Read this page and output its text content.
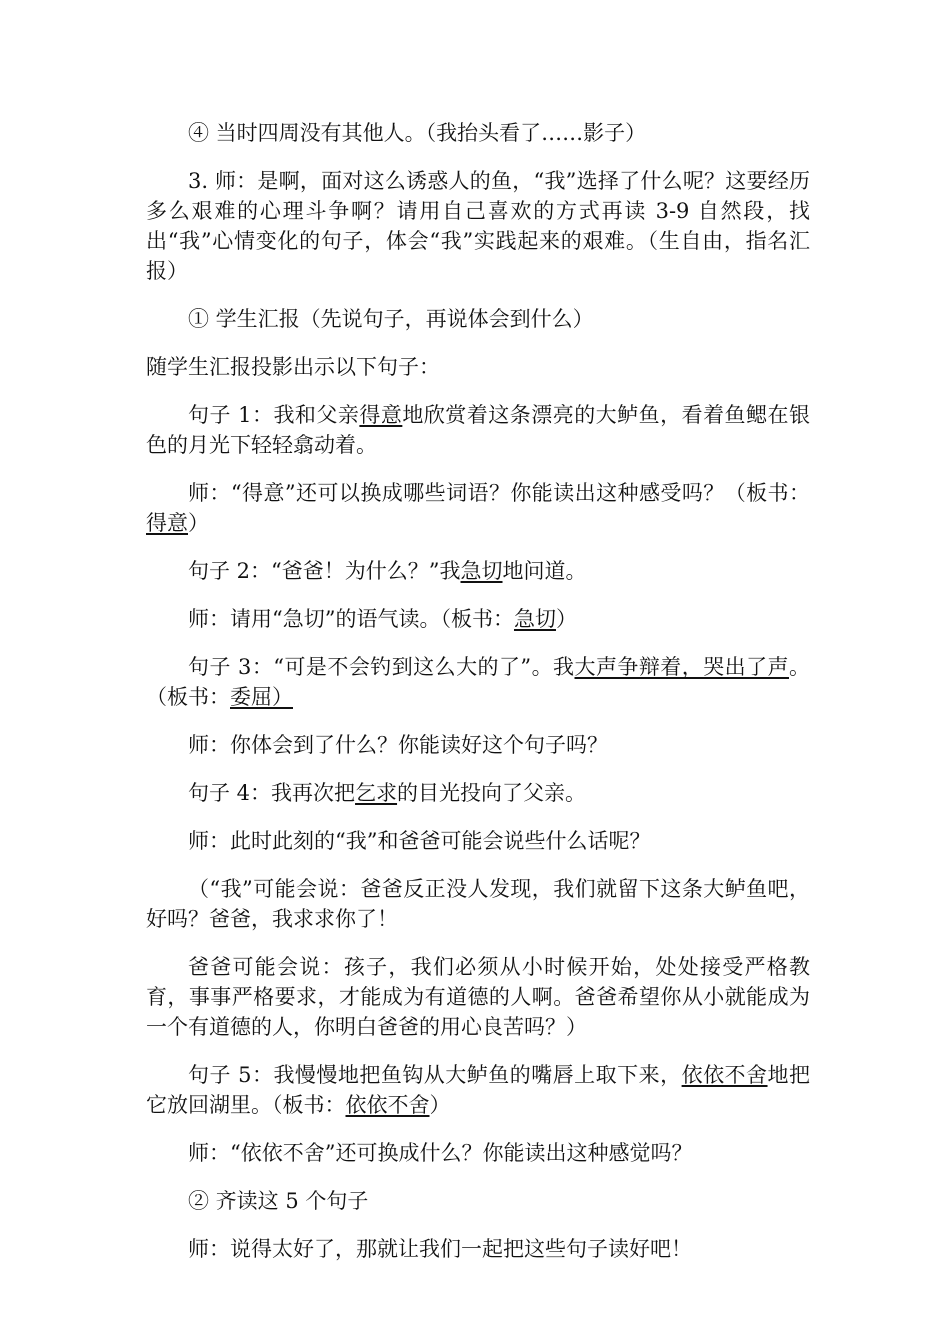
④ 当时四周没有其他人。（我抬头看了……影子）

3. 师：是啊，面对这么诱惑人的鱼，“我”选择了什么呢？这要经历多么艰难的心理斗争啊？请用自己喜欢的方式再读 3-9 自然段，找出“我”心情变化的句子，体会“我”实践起来的艰难。（生自由，指名汇报）

① 学生汇报（先说句子，再说体会到什么）

随学生汇报投影出示以下句子：

句子 1：我和父亲得意地欣赏着这条漂亮的大鲈鱼，看着鱼鳃在银色的月光下轻轻翕动着。

师：“得意”还可以换成哪些词语？你能读出这种感受吗？（板书：得意）

句子 2：“爸爸！为什么？”我急切地问道。

师：请用“急切”的语气读。（板书：急切）

句子 3：“可是不会钓到这么大的了”。我大声争辩着，哭出了声。（板书：委屈）

师：你体会到了什么？你能读好这个句子吗？

句子 4：我再次把乞求的目光投向了父亲。

师：此时此刻的“我”和爸爸可能会说些什么话呢？

（“我”可能会说：爸爸反正没人发现，我们就留下这条大鲈鱼吧，好吗？爸爸，我求求你了！

爸爸可能会说：孩子，我们必须从小时候开始，处处接受严格教育，事事严格要求，才能成为有道德的人啊。爸爸希望你从小就能成为一个有道德的人，你明白爸爸的用心良苦吗？）

句子 5：我慢慢地把鱼钩从大鲈鱼的嘴唇上取下来，依依不舍地把它放回湖里。（板书：依依不舍）

师：“依依不舍”还可换成什么？你能读出这种感觉吗？

② 齐读这 5 个句子

师：说得太好了，那就让我们一起把这些句子读好吧！
